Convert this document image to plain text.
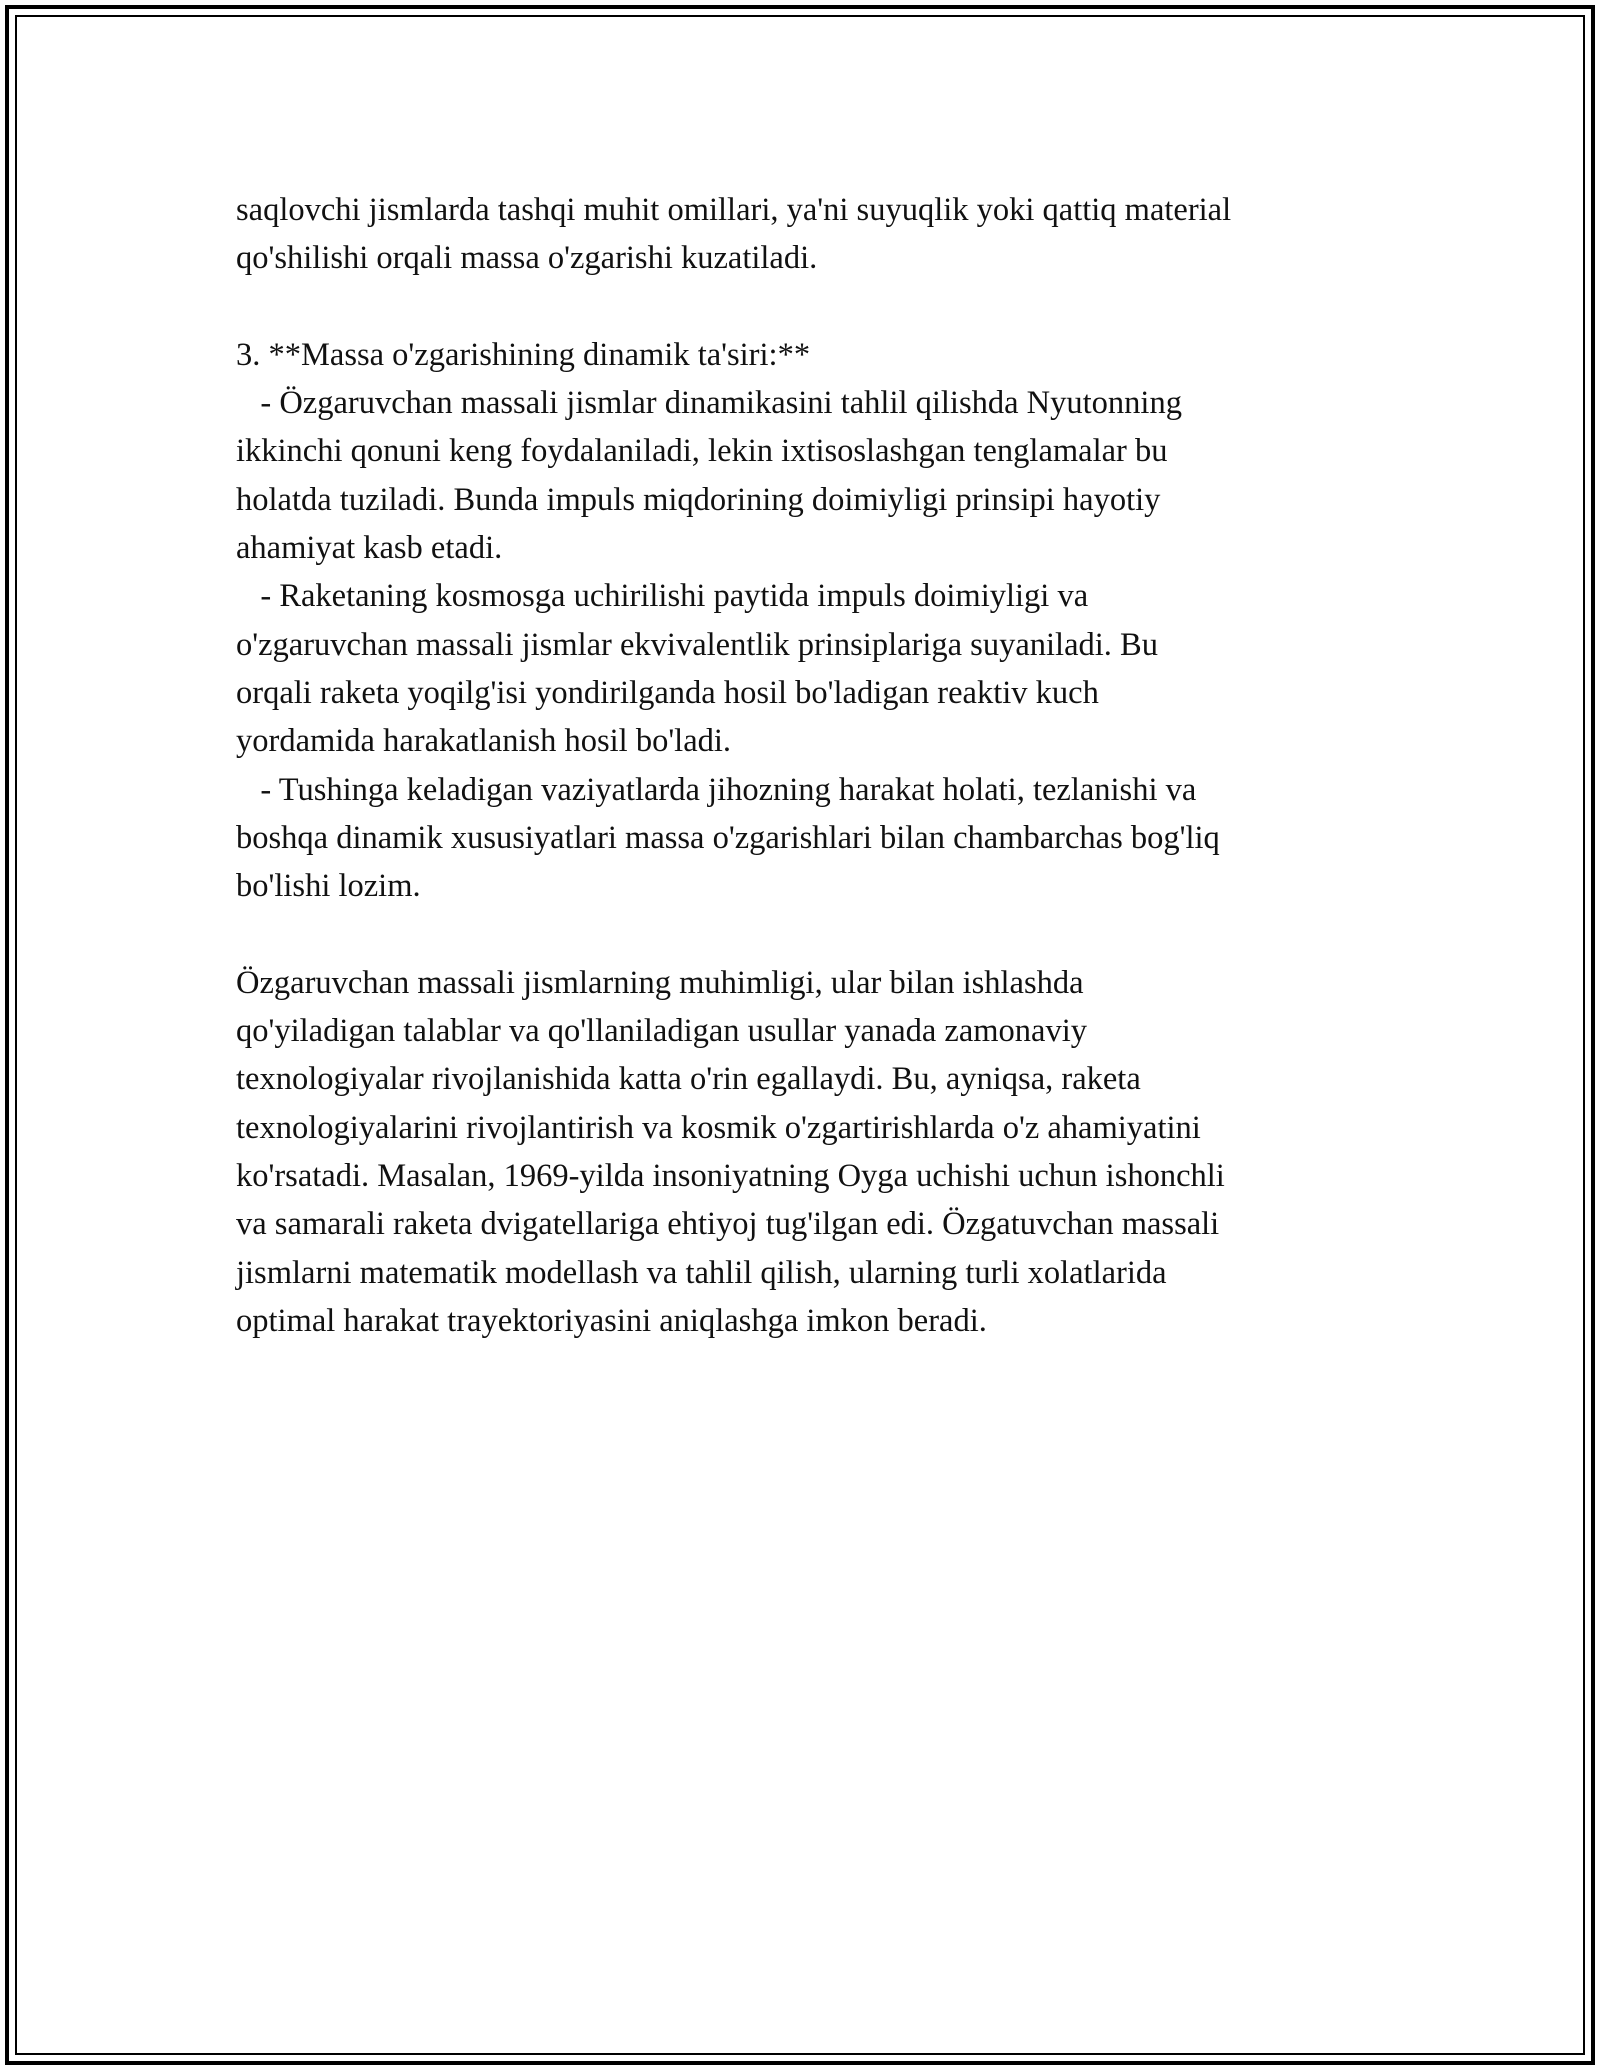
saqlovchi jismlarda tashqi muhit omillari, ya'ni suyuqlik yoki qattiq material
qo'shilishi orqali massa o'zgarishi kuzatiladi.
3. **Massa o'zgarishining dinamik ta'siri:**
- Özgaruvchan massali jismlar dinamikasini tahlil qilishda Nyutonning
ikkinchi qonuni keng foydalaniladi, lekin ixtisoslashgan tenglamalar bu
holatda tuziladi. Bunda impuls miqdorining doimiyligi prinsipi hayotiy
ahamiyat kasb etadi.
- Raketaning kosmosga uchirilishi paytida impuls doimiyligi va
o'zgaruvchan massali jismlar ekvivalentlik prinsiplariga suyaniladi. Bu
orqali raketa yoqilg'isi yondirilganda hosil bo'ladigan reaktiv kuch
yordamida harakatlanish hosil bo'ladi.
- Tushinga keladigan vaziyatlarda jihozning harakat holati, tezlanishi va
boshqa dinamik xususiyatlari massa o'zgarishlari bilan chambarchas bog'liq
bo'lishi lozim.
Özgaruvchan massali jismlarning muhimligi, ular bilan ishlashda
qo'yiladigan talablar va qo'llaniladigan usullar yanada zamonaviy
texnologiyalar rivojlanishida katta o'rin egallaydi. Bu, ayniqsa, raketa
texnologiyalarini rivojlantirish va kosmik o'zgartirishlarda o'z ahamiyatini
ko'rsatadi. Masalan, 1969-yilda insoniyatning Oyga uchishi uchun ishonchli
va samarali raketa dvigatellariga ehtiyoj tug'ilgan edi. Özgatuvchan massali
jismlarni matematik modellash va tahlil qilish, ularning turli xolatlarida
optimal harakat trayektoriyasini aniqlashga imkon beradi.
